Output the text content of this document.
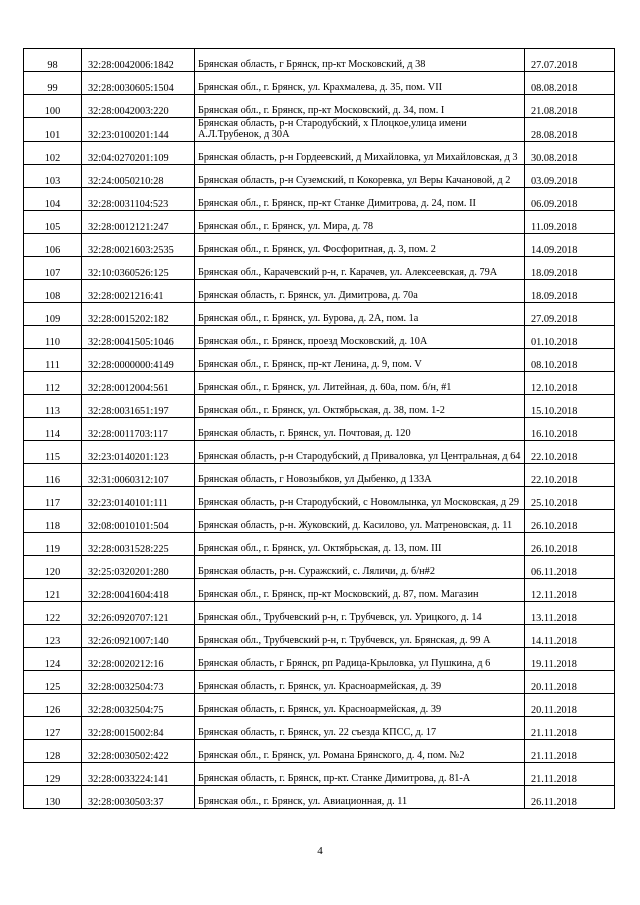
98	32:28:0042006:1842	Брянская область, г Брянск, пр-кт Московский, д 38	27.07.2018
99	32:28:0030605:1504	Брянская обл., г. Брянск, ул. Крахмалева, д. 35, пом. VII	08.08.2018
100	32:28:0042003:220	Брянская обл., г. Брянск, пр-кт Московский, д. 34, пом. I	21.08.2018
101	32:23:0100201:144	Брянская область, р-н Стародубский, х Плоцкое,улица имени А.Л.Трубенок, д 30А	28.08.2018
102	32:04:0270201:109	Брянская область, р-н Гордеевский, д Михайловка, ул Михайловская, д 3	30.08.2018
103	32:24:0050210:28	Брянская область, р-н Суземский, п Кокоревка, ул Веры Качановой, д 2	03.09.2018
104	32:28:0031104:523	Брянская обл., г. Брянск, пр-кт Станке Димитрова, д. 24, пом. II	06.09.2018
105	32:28:0012121:247	Брянская обл., г. Брянск, ул. Мира, д. 78	11.09.2018
106	32:28:0021603:2535	Брянская обл., г. Брянск, ул. Фосфоритная, д. 3, пом. 2	14.09.2018
107	32:10:0360526:125	Брянская обл., Карачевский р-н, г. Карачев, ул. Алексеевская, д. 79А	18.09.2018
108	32:28:0021216:41	Брянская область, г. Брянск, ул. Димитрова, д. 70а	18.09.2018
109	32:28:0015202:182	Брянская обл., г. Брянск, ул. Бурова, д. 2А, пом. 1а	27.09.2018
110	32:28:0041505:1046	Брянская обл., г. Брянск, проезд Московский, д. 10А	01.10.2018
111	32:28:0000000:4149	Брянская обл., г. Брянск, пр-кт Ленина, д. 9, пом. V	08.10.2018
112	32:28:0012004:561	Брянская обл., г. Брянск, ул. Литейная, д. 60а, пом. б/н, #1	12.10.2018
113	32:28:0031651:197	Брянская обл., г. Брянск, ул. Октябрьская, д. 38, пом. 1-2	15.10.2018
114	32:28:0011703:117	Брянская область, г. Брянск, ул. Почтовая, д. 120	16.10.2018
115	32:23:0140201:123	Брянская область, р-н Стародубский, д Приваловка, ул Центральная, д 64	22.10.2018
116	32:31:0060312:107	Брянская область, г Новозыбков, ул Дыбенко, д 133А	22.10.2018
117	32:23:0140101:111	Брянская область, р-н Стародубский, с Новомлынка, ул Московская, д 29	25.10.2018
118	32:08:0010101:504	Брянская область, р-н. Жуковский, д. Касилово, ул. Матреновская, д. 11	26.10.2018
119	32:28:0031528:225	Брянская обл., г. Брянск, ул. Октябрьская, д. 13, пом. III	26.10.2018
120	32:25:0320201:280	Брянская область, р-н. Суражский, с. Ляличи, д. б/н#2	06.11.2018
121	32:28:0041604:418	Брянская обл., г. Брянск, пр-кт Московский, д. 87, пом. Магазин	12.11.2018
122	32:26:0920707:121	Брянская обл., Трубчевский р-н, г. Трубчевск, ул. Урицкого, д. 14	13.11.2018
123	32:26:0921007:140	Брянская обл., Трубчевский р-н, г. Трубчевск, ул. Брянская, д. 99 А	14.11.2018
124	32:28:0020212:16	Брянская область, г Брянск, рп Радица-Крыловка, ул Пушкина, д 6	19.11.2018
125	32:28:0032504:73	Брянская область, г. Брянск, ул. Красноармейская, д. 39	20.11.2018
126	32:28:0032504:75	Брянская область, г. Брянск, ул. Красноармейская, д. 39	20.11.2018
127	32:28:0015002:84	Брянская область, г. Брянск, ул. 22 съезда КПСС, д. 17	21.11.2018
128	32:28:0030502:422	Брянская обл., г. Брянск, ул. Романа Брянского, д. 4, пом. №2	21.11.2018
129	32:28:0033224:141	Брянская область, г. Брянск, пр-кт. Станке Димитрова, д. 81-А	21.11.2018
130	32:28:0030503:37	Брянская обл., г. Брянск, ул. Авиационная, д. 11	26.11.2018
4
